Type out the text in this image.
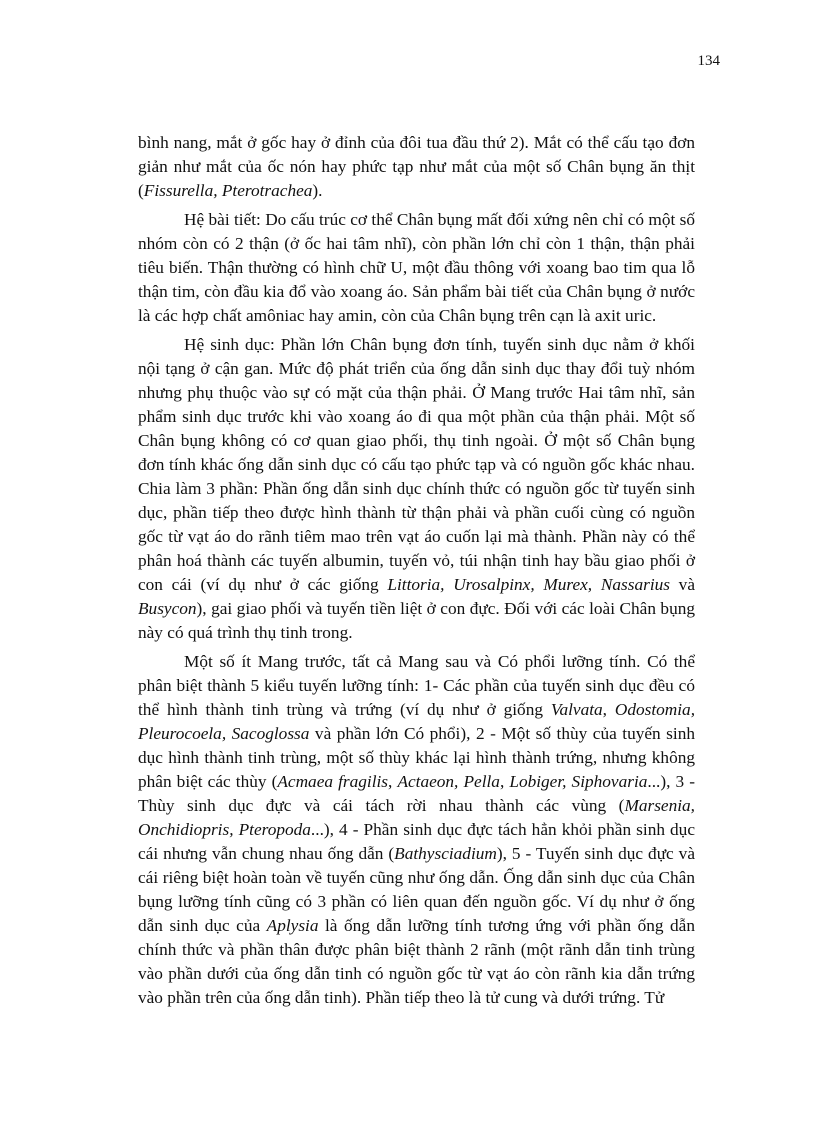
134

bình nang, mắt ở gốc hay ở đỉnh của đôi tua đầu thứ 2). Mắt có thể cấu tạo đơn giản như mắt của ốc nón hay phức tạp như mắt của một số Chân bụng ăn thịt (Fissurella, Pterotrachea).

Hệ bài tiết: Do cấu trúc cơ thể Chân bụng mất đối xứng nên chỉ có một số nhóm còn có 2 thận (ở ốc hai tâm nhĩ), còn phần lớn chỉ còn 1 thận, thận phải tiêu biến. Thận thường có hình chữ U, một đầu thông với xoang bao tim qua lỗ thận tim, còn đầu kia đổ vào xoang áo. Sản phẩm bài tiết của Chân bụng ở nước là các hợp chất amôniac hay amin, còn của Chân bụng trên cạn là axit uric.

Hệ sinh dục: Phần lớn Chân bụng đơn tính, tuyến sinh dục nằm ở khối nội tạng ở cận gan. Mức độ phát triển của ống dẫn sinh dục thay đổi tuỳ nhóm nhưng phụ thuộc vào sự có mặt của thận phải. Ở Mang trước Hai tâm nhĩ, sản phẩm sinh dục trước khi vào xoang áo đi qua một phần của thận phải. Một số Chân bụng không có cơ quan giao phối, thụ tinh ngoài. Ở một số Chân bụng đơn tính khác ống dẫn sinh dục có cấu tạo phức tạp và có nguồn gốc khác nhau. Chia làm 3 phần: Phần ống dẫn sinh dục chính thức có nguồn gốc từ tuyến sinh dục, phần tiếp theo được hình thành từ thận phải và phần cuối cùng có nguồn gốc từ vạt áo do rãnh tiêm mao trên vạt áo cuốn lại mà thành. Phần này có thể phân hoá thành các tuyến albumin, tuyến vỏ, túi nhận tinh hay bầu giao phối ở con cái (ví dụ như ở các giống Littoria, Urosalpinx, Murex, Nassarius và Busycon), gai giao phối và tuyến tiền liệt ở con đực. Đối với các loài Chân bụng này có quá trình thụ tinh trong.

Một số ít Mang trước, tất cả Mang sau và Có phổi lưỡng tính. Có thể phân biệt thành 5 kiểu tuyến lưỡng tính: 1- Các phần của tuyến sinh dục đều có thể hình thành tinh trùng và trứng (ví dụ như ở giống Valvata, Odostomia, Pleurocoela, Sacoglossa và phần lớn Có phổi), 2 - Một số thùy của tuyến sinh dục hình thành tinh trùng, một số thùy khác lại hình thành trứng, nhưng không phân biệt các thùy (Acmaea fragilis, Actaeon, Pella, Lobiger, Siphovaria...), 3 - Thùy sinh dục đực và cái tách rời nhau thành các vùng (Marsenia, Onchidiopris, Pteropoda...), 4 - Phần sinh dục đực tách hẳn khỏi phần sinh dục cái nhưng vẫn chung nhau ống dẫn (Bathysciadium), 5 - Tuyến sinh dục đực và cái riêng biệt hoàn toàn về tuyến cũng như ống dẫn. Ống dẫn sinh dục của Chân bụng lưỡng tính cũng có 3 phần có liên quan đến nguồn gốc. Ví dụ như ở ống dẫn sinh dục của Aplysia là ống dẫn lưỡng tính tương ứng với phần ống dẫn chính thức và phần thân được phân biệt thành 2 rãnh (một rãnh dẫn tinh trùng vào phần dưới của ống dẫn tinh có nguồn gốc từ vạt áo còn rãnh kia dẫn trứng vào phần trên của ống dẫn tinh). Phần tiếp theo là tử cung và dưới trứng. Tử
